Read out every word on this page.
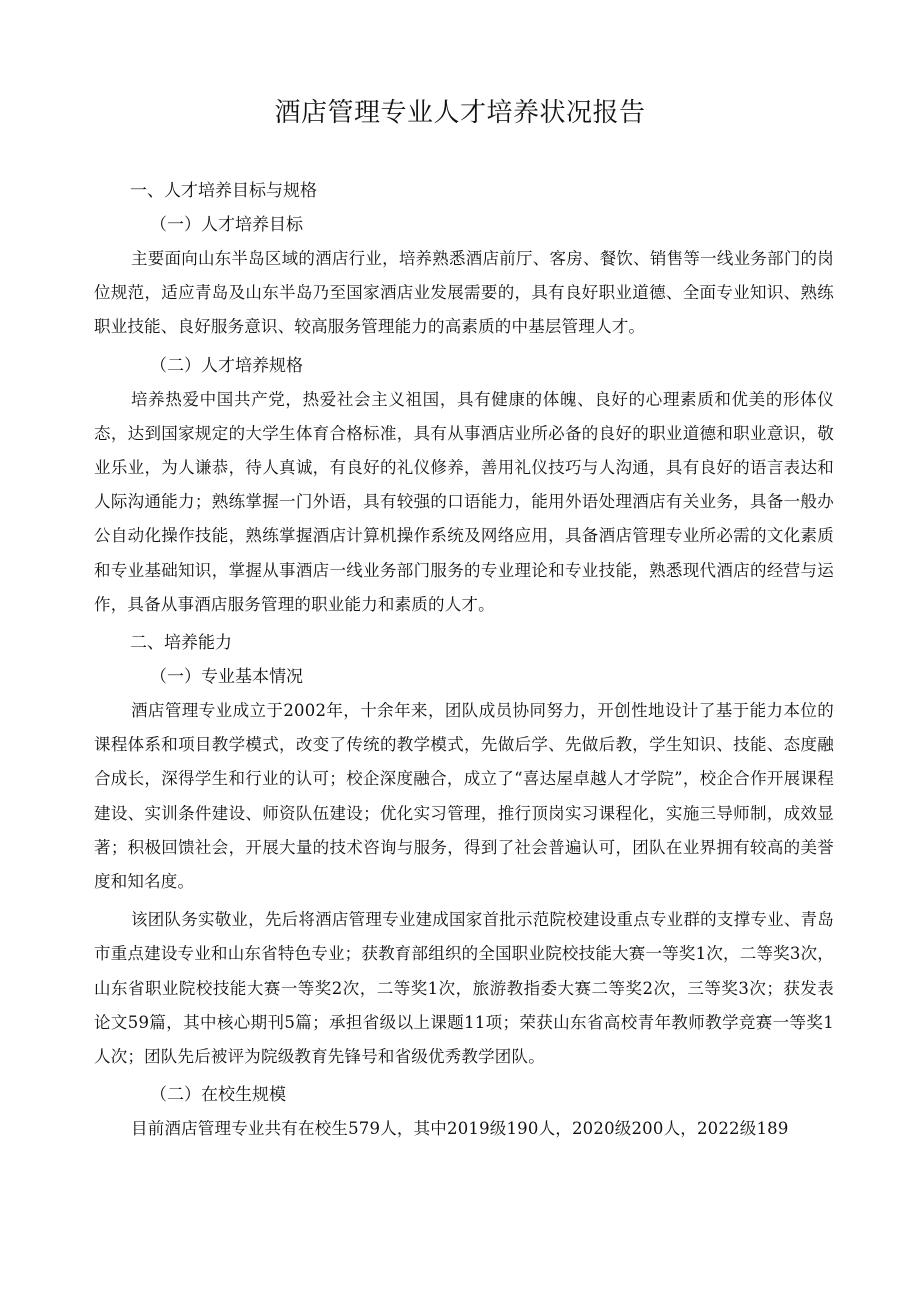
酒店管理专业人才培养状况报告

一、人才培养目标与规格

（一）人才培养目标

主要面向山东半岛区域的酒店行业，培养熟悉酒店前厅、客房、餐饮、销售等一线业务部门的岗位规范，适应青岛及山东半岛乃至国家酒店业发展需要的，具有良好职业道德、全面专业知识、熟练职业技能、良好服务意识、较高服务管理能力的高素质的中基层管理人才。

（二）人才培养规格

培养热爱中国共产党，热爱社会主义祖国，具有健康的体魄、良好的心理素质和优美的形体仪态，达到国家规定的大学生体育合格标准，具有从事酒店业所必备的良好的职业道德和职业意识，敬业乐业，为人谦恭，待人真诚，有良好的礼仪修养，善用礼仪技巧与人沟通，具有良好的语言表达和人际沟通能力；熟练掌握一门外语，具有较强的口语能力，能用外语处理酒店有关业务，具备一般办公自动化操作技能，熟练掌握酒店计算机操作系统及网络应用，具备酒店管理专业所必需的文化素质和专业基础知识，掌握从事酒店一线业务部门服务的专业理论和专业技能，熟悉现代酒店的经营与运作，具备从事酒店服务管理的职业能力和素质的人才。

二、培养能力

（一）专业基本情况

酒店管理专业成立于2002年，十余年来，团队成员协同努力，开创性地设计了基于能力本位的课程体系和项目教学模式，改变了传统的教学模式，先做后学、先做后教，学生知识、技能、态度融合成长，深得学生和行业的认可；校企深度融合，成立了“喜达屋卓越人才学院”，校企合作开展课程建设、实训条件建设、师资队伍建设；优化实习管理，推行顶岗实习课程化，实施三导师制，成效显著；积极回馈社会，开展大量的技术咨询与服务，得到了社会普遍认可，团队在业界拥有较高的美誉度和知名度。

该团队务实敬业，先后将酒店管理专业建成国家首批示范院校建设重点专业群的支撑专业、青岛市重点建设专业和山东省特色专业；获教育部组织的全国职业院校技能大赛一等奖1次，二等奖3次，山东省职业院校技能大赛一等奖2次，二等奖1次，旅游教指委大赛二等奖2次，三等奖3次；获发表论文59篇，其中核心期刊5篇；承担省级以上课题11项；荣获山东省高校青年教师教学竞赛一等奖1人次；团队先后被评为院级教育先锋号和省级优秀教学团队。

（二）在校生规模

目前酒店管理专业共有在校生579人，其中2019级190人，2020级200人，2022级189
